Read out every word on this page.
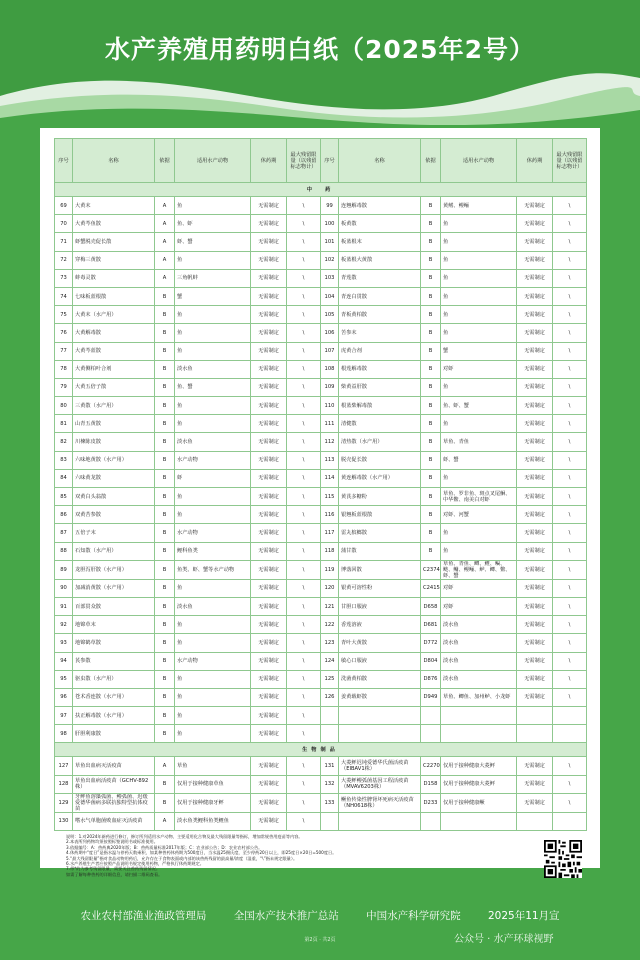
水产养殖用药明白纸（2025年2号）
序号	名称	依据	适用水产动物	休药期	最大残留限量（以残留标志物计）	序号	名称	依据	适用水产动物	休药期	最大残留限量（以残留标志物计）
中　药											
69	大黄末	A	鱼	无需制定	\	99	连翘解毒散	B	黄鳝、鳗鲡	无需制定	\
70	大黄芩鱼散	A	鱼、虾	无需制定	\	100	板黄散	B	鱼	无需制定	\
71	虾蟹脱壳促长散	A	虾、蟹	无需制定	\	101	板蓝根末	B	鱼	无需制定	\
72	穿梅三黄散	A	鱼	无需制定	\	102	板蓝根大黄散	B	鱼	无需制定	\
73	蚌毒灵散	A	三角帆蚌	无需制定	\	103	青莲散	B	鱼	无需制定	\
74	七味板蓝根散	B	蟹	无需制定	\	104	青连白贯散	B	鱼	无需制定	\
75	大黄末（水产用）	B	鱼	无需制定	\	105	青板黄柏散	B	鱼	无需制定	\
76	大黄解毒散	B	鱼	无需制定	\	106	苦参末	B	鱼	无需制定	\
77	大黄芩蓝散	B	鱼	无需制定	\	107	虎黄合剂	B	蟹	无需制定	\
78	大黄侧柏叶合剂	B	淡水鱼	无需制定	\	108	根莲解毒散	B	对虾	无需制定	\
79	大黄五倍子散	B	鱼、蟹	无需制定	\	109	柴黄益肝散	B	鱼	无需制定	\
80	三黄散（水产用）	B	鱼	无需制定	\	110	根蓝柴解毒散	B	鱼、虾、蟹	无需制定	\
81	山青五黄散	B	鱼	无需制定	\	111	清健散	B	鱼	无需制定	\
82	川楝陈皮散	B	淡水鱼	无需制定	\	112	清热散（水产用）	B	草鱼、青鱼	无需制定	\
83	六味地黄散（水产用）	B	水产动物	无需制定	\	113	脱壳促长散	B	虾、蟹	无需制定	\
84	六味黄龙散	B	虾	无需制定	\	114	黄连解毒散（水产用）	B	鱼	无需制定	\
85	双黄白头翁散	B	鱼	无需制定	\	115	黄芪多糖粉	B	草鱼、罗非鱼、斑点叉尾鮰、中华鳖、南美白对虾	无需制定	\
86	双黄苦参散	B	鱼	无需制定	\	116	银翘板蓝根散	B	对虾、河蟹	无需制定	\
87	五倍子末	B	水产动物	无需制定	\	117	雷丸槟榔散	B	鱼	无需制定	\
88	石知散（水产用）	B	鲤科鱼类	无需制定	\	118	蒲甘散	B	鱼	无需制定	\
89	龙胆泻肝散（水产用）	B	鱼类、虾、蟹等水产动物	无需制定	\	119	博落回散	C2374	草鱼、青鱼、鲫、鲤、鳊、鲢、鳙、鳗鲡、鲈、鲫、鳖、虾、蟹	无需制定	\
90	加减消黄散（水产用）	B	鱼	无需制定	\	120	银黄可溶性粉	C2415	对虾	无需制定	\
91	百部贯众散	B	淡水鱼	无需制定	\	121	甘胆口服液	D658	对虾	无需制定	\
92	地锦草末	B	鱼	无需制定	\	122	香莲溶液	D681	淡水鱼	无需制定	\
93	地锦鹤草散	B	鱼	无需制定	\	123	青叶大黄散	D772	淡水鱼	无需制定	\
94	芪参散	B	水产动物	无需制定	\	124	敏心口服液	D804	淡水鱼	无需制定	\
95	驱虫散（水产用）	B	鱼	无需制定	\	125	洗菌黄柏散	D876	淡水鱼	无需制定	\
96	苍术香连散（水产用）	B	鱼	无需制定	\	126	姜黄载虾散	D949	草鱼、鲫鱼、加州鲈、小龙虾	无需制定	\
97	扶正解毒散（水产用）	B	鱼	无需制定	\						
98	肝胆利康散	B	鱼	无需制定	\						
生物制品											
127	草鱼出血病灭活疫苗	A	草鱼	无需制定	\	131	大菱鲆迟钝爱德华氏菌活疫苗（EIBAV1株）	C2270	仅用于接种健康大菱鲆	无需制定	\
128	草鱼出血病活疫苗（GCHV-892株）	B	仅用于接种健康草鱼	无需制定	\	132	大菱鲆鳗弧菌基因工程活疫苗（MVAV6203株）	D158	仅用于接种健康大菱鲆	无需制定	\
129	牙鲆鱼溶藻弧菌、鳗弧菌、迟缓爱德华菌病多联抗独特型抗体疫苗	B	仅用于接种健康牙鲆	无需制定	\	133	鳜鱼传染性脾肾坏死病灭活疫苗（NH0618株）	D233	仅用于接种健康鳜	无需制定	\
130	嗜水气单胞菌败血症灭活疫苗	A	淡水鱼类鲤科鱼类鲤鱼	无需制定	\						
说明：1.对2024年新药进行修订，修订所列适用水产动物、主要适用化合物及最大残留限量等指标，增加常规兽用疫苗等内容。
2.本表所列药物均须按照标签说明书或标准使用。
3.依据编号：A：兽药典2020年版；B：兽药质量标准2017年版；C：农业部公告；D：农业农村部公告。
4.休药期中“度日”是指水温与停药天数乘积，如某种兽药休药期为500度日，当水温25摄氏度，至少停药20日以上，即25度日×20日=500度日。
5.“最大残留限量”指对食品动物用药后，允许存在于食物表面或内部的该兽药残留的最高量/浓度（湿重，“\”指未规定限量）。
6.水产养殖生产者应按照产品说明书规定使用药物，严格执行休药期规定。
7.带*的为参考残留限量，需要关注兽药残留情况。
如需了解每种兽药的详细信息，请扫描二维码查看。
农业农村部渔业渔政管理局	全国水产技术推广总站	中国水产科学研究院	2025年11月宣
第2页 · 共2页	公众号 · 水产环球视野
